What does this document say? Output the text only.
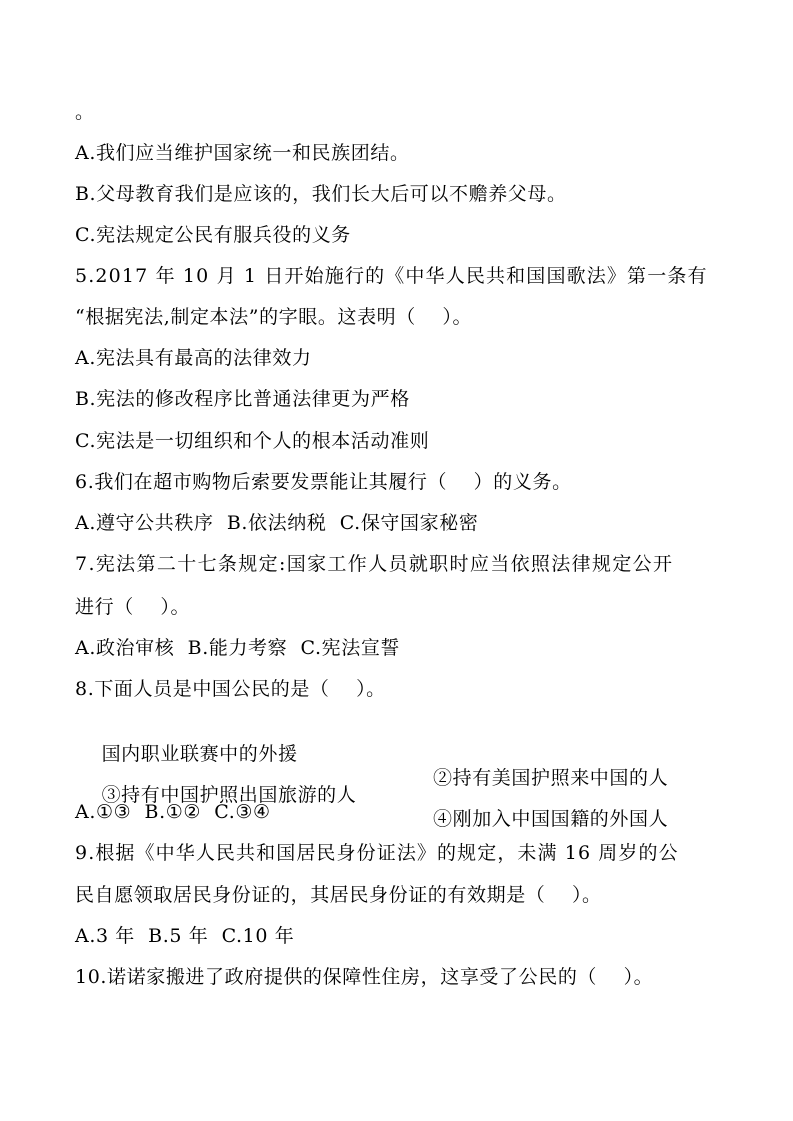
。
A.我们应当维护国家统一和民族团结。
B.父母教育我们是应该的，我们长大后可以不赡养父母。
C.宪法规定公民有服兵役的义务
5.2017 年 10 月 1 日开始施行的《中华人民共和国国歌法》第一条有
“根据宪法,制定本法”的字眼。这表明（    ）。
A.宪法具有最高的法律效力
B.宪法的修改程序比普通法律更为严格
C.宪法是一切组织和个人的根本活动准则
6.我们在超市购物后索要发票能让其履行（    ）的义务。
A.遵守公共秩序  B.依法纳税  C.保守国家秘密
7.宪法第二十七条规定:国家工作人员就职时应当依照法律规定公开
进行（    ）。
A.政治审核  B.能力考察  C.宪法宣誓
8.下面人员是中国公民的是（    ）。

国内职业联赛中的外援

②持有美国护照来中国的人

③持有中国护照出国旅游的人

④刚加入中国国籍的外国人

A.①③  B.①②  C.③④
9.根据《中华人民共和国居民身份证法》的规定，未满 16 周岁的公
民自愿领取居民身份证的，其居民身份证的有效期是（    ）。
A.3 年  B.5 年  C.10 年
10.诺诺家搬进了政府提供的保障性住房，这享受了公民的（    ）。
